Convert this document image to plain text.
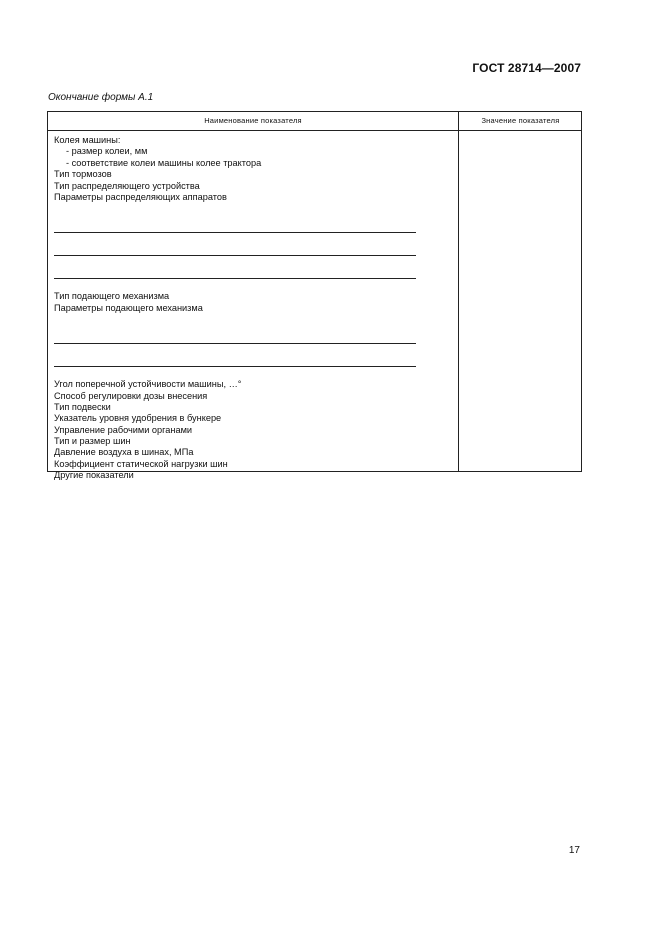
ГОСТ 28714—2007
Окончание формы А.1
Наименование показателя	Значение показателя
Колея машины:
- размер колеи, мм
- соответствие колеи машины колее трактора
Тип тормозов
Тип распределяющего устройства
Параметры распределяющих аппаратов
Тип подающего механизма
Параметры подающего механизма
Угол поперечной устойчивости машины, …°
Способ регулировки дозы внесения
Тип подвески
Указатель уровня удобрения в бункере
Управление рабочими органами
Тип и размер шин
Давление воздуха в шинах, МПа
Коэффициент статической нагрузки шин
Другие показатели
17
